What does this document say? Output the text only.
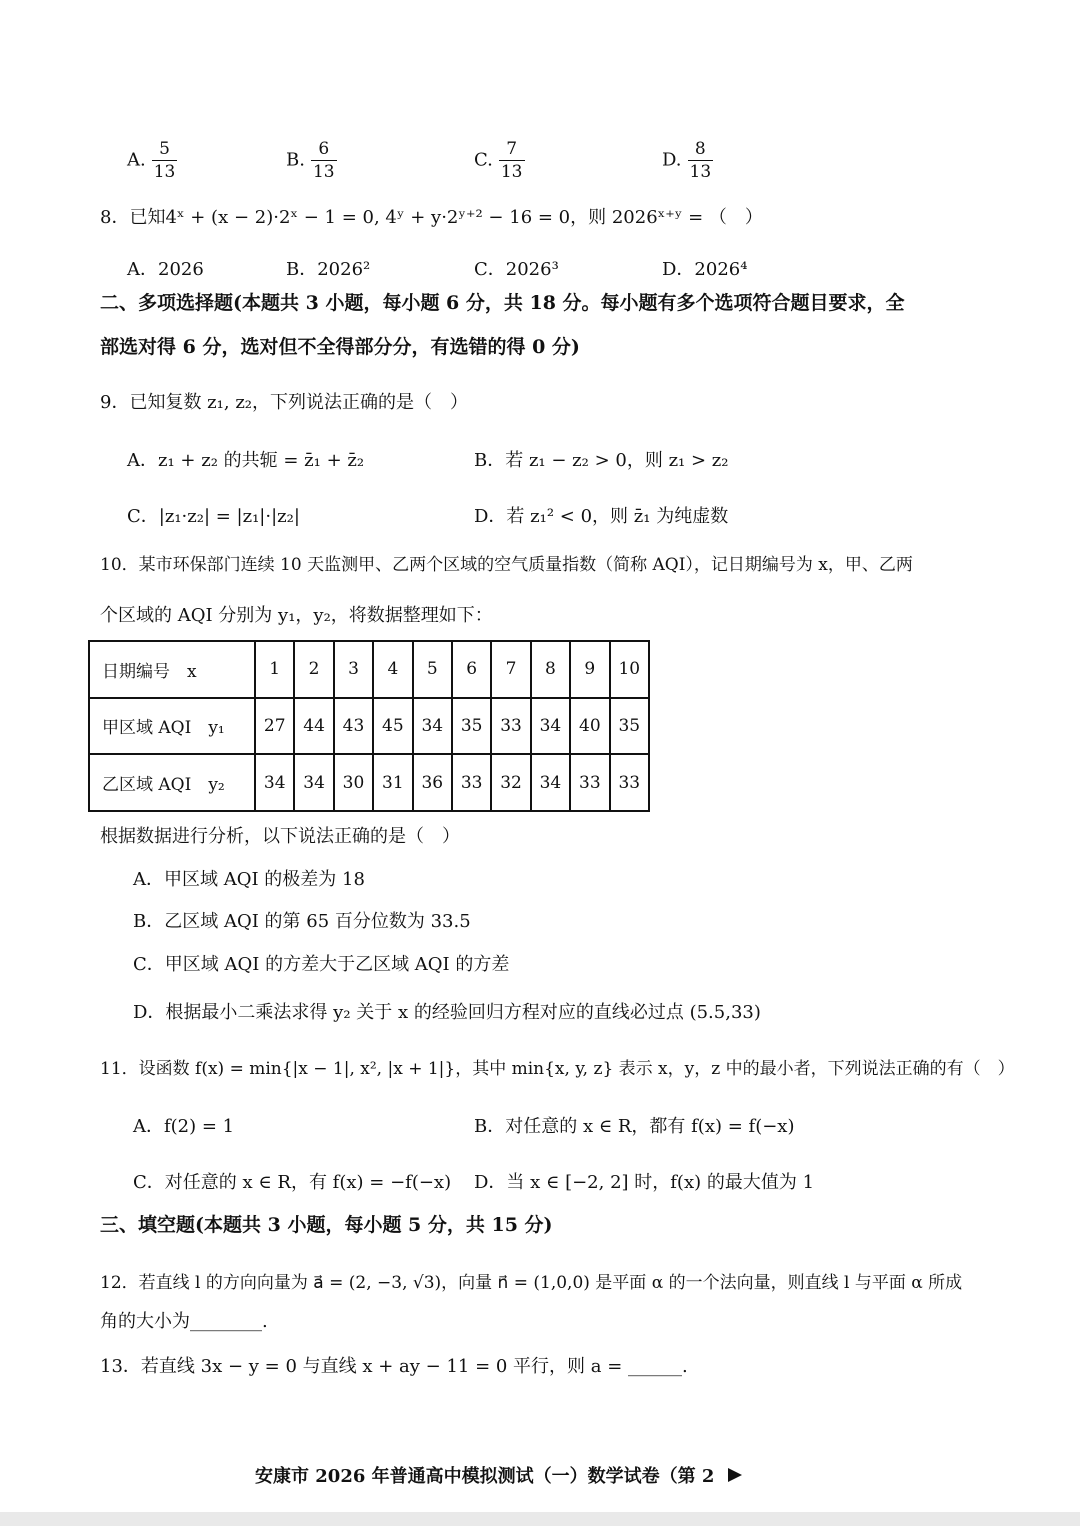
A. $\frac{5}{13}$	B. $\frac{6}{13}$	C. $\frac{7}{13}$	D. $\frac{8}{13}$
8．已知4ˣ + (x − 2)·2ˣ − 1 = 0, 4ʸ + y·2ʸ⁺² − 16 = 0，则 2026ˣ⁺ʸ = （　）
A．2026	B．2026²	C．2026³	D．2026⁴
二、多项选择题(本题共 3 小题，每小题 6 分，共 18 分。每小题有多个选项符合题目要求，全
部选对得 6 分，选对但不全得部分分，有选错的得 0 分)
9．已知复数 z₁, z₂，下列说法正确的是（　）
A．z₁ + z₂ 的共轭 = z̄₁ + z̄₂	B．若 z₁ − z₂ > 0，则 z₁ > z₂
C．|z₁·z₂| = |z₁|·|z₂|	D．若 z₁² < 0，则 z̄₁ 为纯虚数
10．某市环保部门连续 10 天监测甲、乙两个区域的空气质量指数（简称 AQI），记日期编号为 x，甲、乙两
个区域的 AQI 分别为 y₁，y₂，将数据整理如下：
日期编号　x	1	2	3	4	5	6	7	8	9	10
甲区域 AQI　y₁	27	44	43	45	34	35	33	34	40	35
乙区域 AQI　y₂	34	34	30	31	36	33	32	34	33	33
根据数据进行分析，以下说法正确的是（　）
A．甲区域 AQI 的极差为 18
B．乙区域 AQI 的第 65 百分位数为 33.5
C．甲区域 AQI 的方差大于乙区域 AQI 的方差
D．根据最小二乘法求得 y₂ 关于 x 的经验回归方程对应的直线必过点 (5.5,33)
11．设函数 f(x) = min{|x − 1|, x², |x + 1|}，其中 min{x, y, z} 表示 x，y，z 中的最小者，下列说法正确的有（　）
A．f(2) = 1	B．对任意的 x ∈ R，都有 f(x) = f(−x)
C．对任意的 x ∈ R，有 f(x) = −f(−x) D．当 x ∈ [−2, 2] 时，f(x) 的最大值为 1
三、填空题(本题共 3 小题，每小题 5 分，共 15 分)
12．若直线 l 的方向向量为 a⃗ = (2, −3, √3)，向量 n⃗ = (1,0,0) 是平面 α 的一个法向量，则直线 l 与平面 α 所成
角的大小为________.
13．若直线 3x − y = 0 与直线 x + ay − 11 = 0 平行，则 a = ______.
安康市 2026 年普通高中模拟测试（一）数学试卷（第 2
